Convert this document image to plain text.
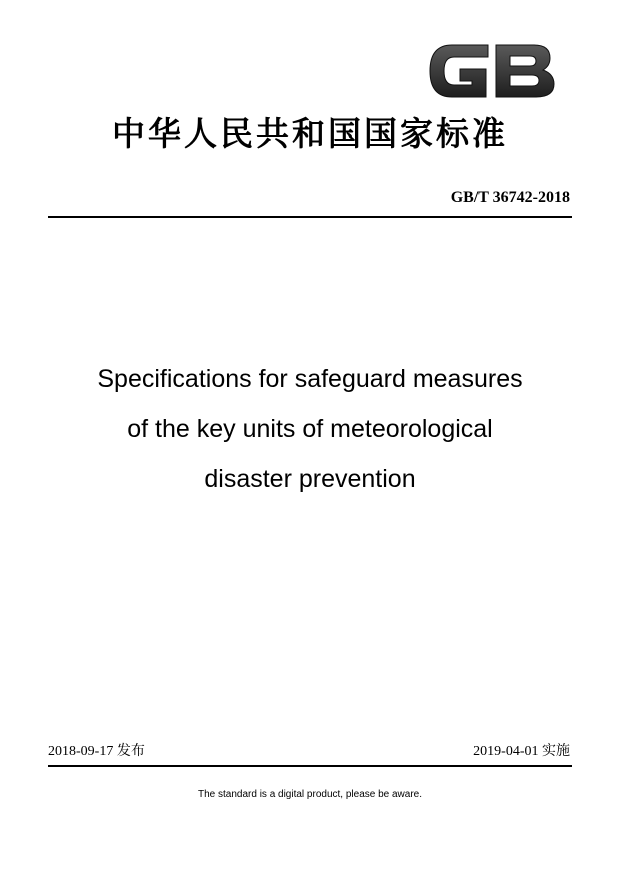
中华人民共和国国家标准
GB/T 36742-2018
Specifications for safeguard measures
of the key units of meteorological
disaster prevention
2018-09-17 发布	2019-04-01 实施
The standard is a digital product, please be aware.
